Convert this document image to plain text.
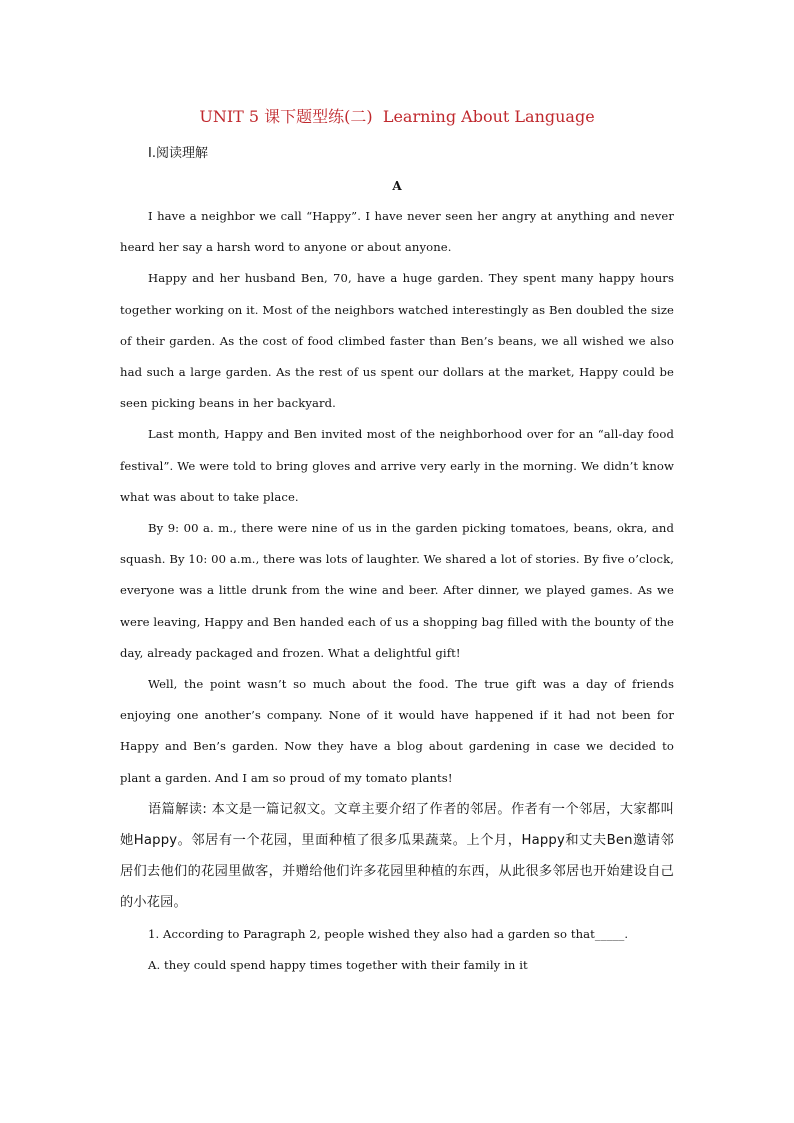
UNIT 5 课下题型练(二)  Learning About Language
Ⅰ.阅读理解
A

I have a neighbor we call “Happy”. I have never seen her angry at anything and never heard her say a harsh word to anyone or about anyone.

Happy and her husband Ben, 70, have a huge garden. They spent many happy hours together working on it. Most of the neighbors watched interestingly as Ben doubled the size of their garden. As the cost of food climbed faster than Ben’s beans, we all wished we also had such a large garden. As the rest of us spent our dollars at the market, Happy could be seen picking beans in her backyard.

Last month, Happy and Ben invited most of the neighborhood over for an “all-day food festival”. We were told to bring gloves and arrive very early in the morning. We didn’t know what was about to take place.

By 9: 00 a. m., there were nine of us in the garden picking tomatoes, beans, okra, and squash. By 10: 00 a.m., there was lots of laughter. We shared a lot of stories. By five o’clock, everyone was a little drunk from the wine and beer. After dinner, we played games. As we were leaving, Happy and Ben handed each of us a shopping bag filled with the bounty of the day, already packaged and frozen. What a delightful gift!

Well, the point wasn’t so much about the food. The true gift was a day of friends enjoying one another’s company. None of it would have happened if it had not been for Happy and Ben’s garden. Now they have a blog about gardening in case we decided to plant a garden. And I am so proud of my tomato plants!

语篇解读: 本文是一篇记叙文。文章主要介绍了作者的邻居。作者有一个邻居，大家都叫她Happy。邻居有一个花园，里面种植了很多瓜果蔬菜。上个月，Happy和丈夫Ben邀请邻居们去他们的花园里做客，并赠给他们许多花园里种植的东西，从此很多邻居也开始建设自己的小花园。

1. According to Paragraph 2, people wished they also had a garden so that_____.

A. they could spend happy times together with their family in it
